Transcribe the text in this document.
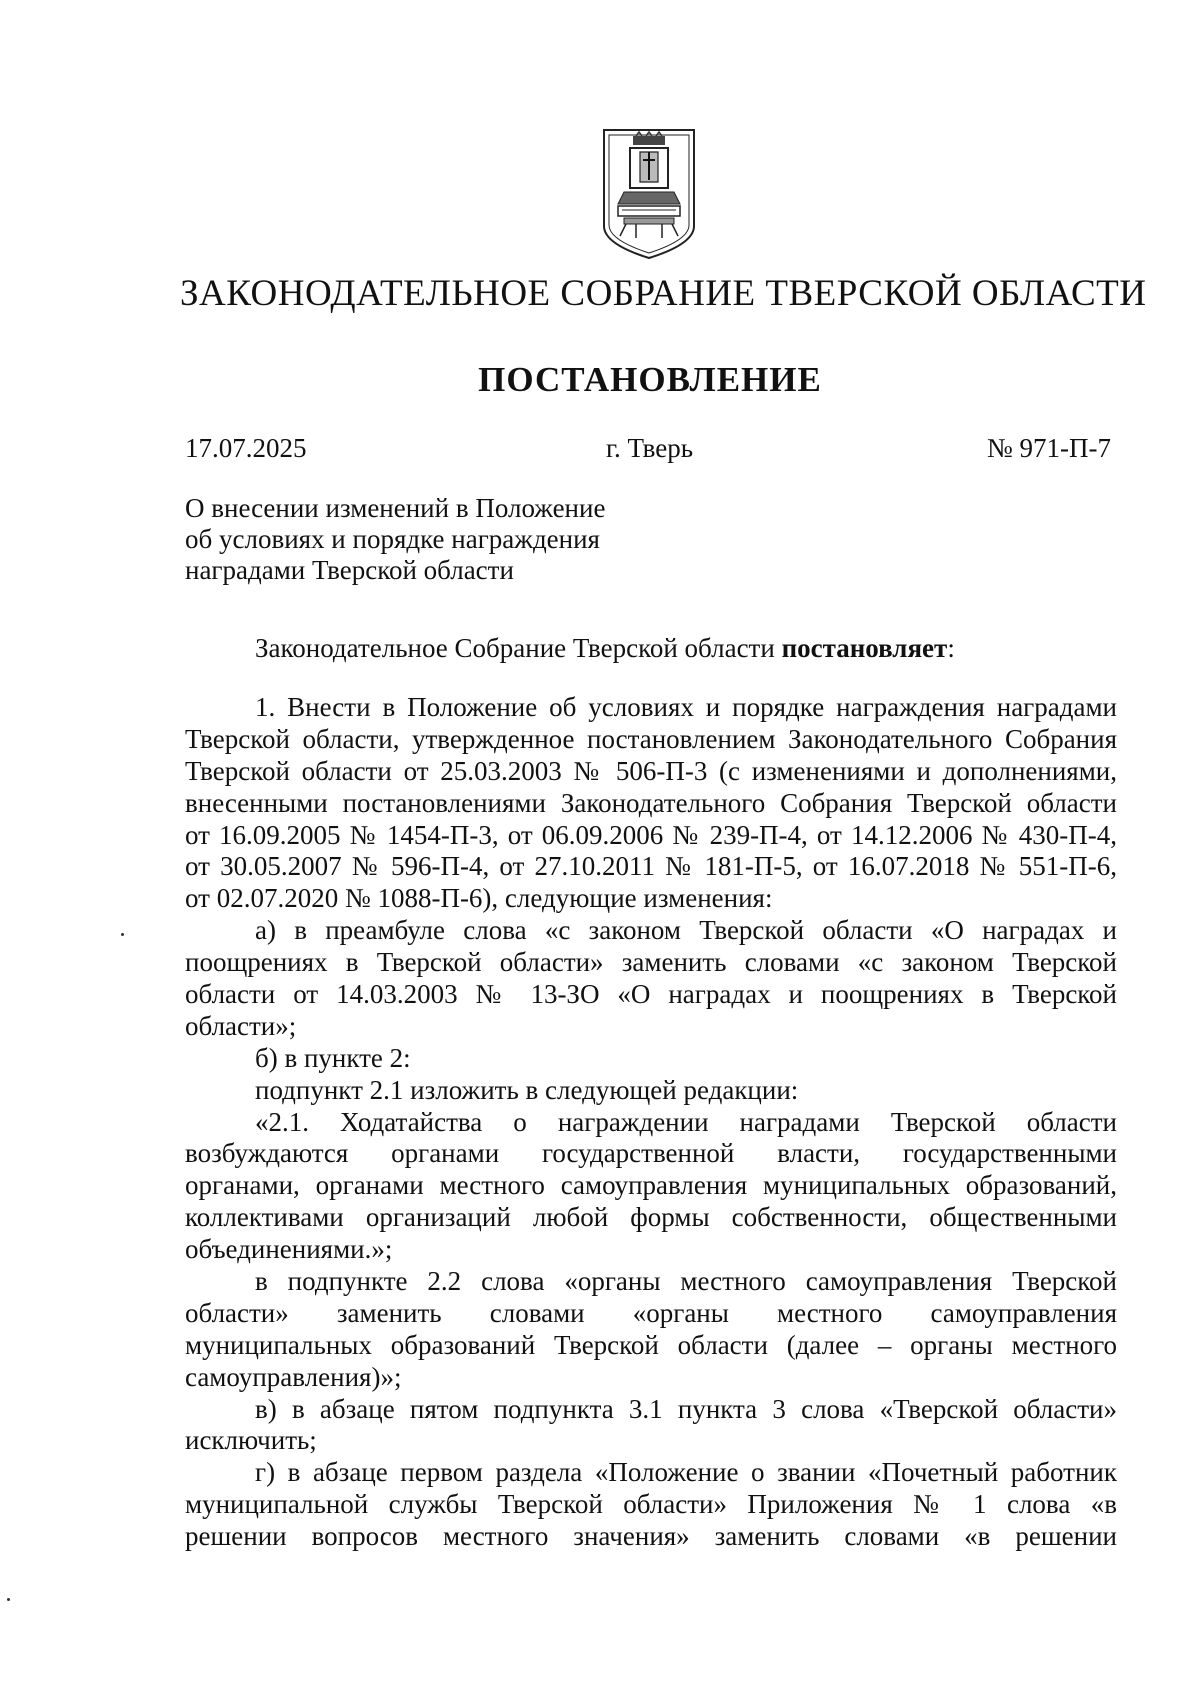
ЗАКОНОДАТЕЛЬНОЕ СОБРАНИЕ ТВЕРСКОЙ ОБЛАСТИ
ПОСТАНОВЛЕНИЕ
17.07.2025	г. Тверь	№ 971-П-7
О внесении изменений в Положение
об условиях и порядке награждения
наградами Тверской области
Законодательное Собрание Тверской области постановляет:
1. Внести в Положение об условиях и порядке награждения наградами
Тверской области, утвержденное постановлением Законодательного Собрания
Тверской области от 25.03.2003 № 506-П-3 (с изменениями и дополнениями,
внесенными постановлениями Законодательного Собрания Тверской области
от 16.09.2005 № 1454-П-3, от 06.09.2006 № 239-П-4, от 14.12.2006 № 430-П-4,
от 30.05.2007 № 596-П-4, от 27.10.2011 № 181-П-5, от 16.07.2018 № 551-П-6,
от 02.07.2020 № 1088-П-6), следующие изменения:
а) в преамбуле слова «с законом Тверской области «О наградах и
поощрениях в Тверской области» заменить словами «с законом Тверской
области от 14.03.2003 № 13-ЗО «О наградах и поощрениях в Тверской
области»;
б) в пункте 2:
подпункт 2.1 изложить в следующей редакции:
«2.1. Ходатайства о награждении наградами Тверской области
возбуждаются органами государственной власти, государственными
органами, органами местного самоуправления муниципальных образований,
коллективами организаций любой формы собственности, общественными
объединениями.»;
в подпункте 2.2 слова «органы местного самоуправления Тверской
области» заменить словами «органы местного самоуправления
муниципальных образований Тверской области (далее – органы местного
самоуправления)»;
в) в абзаце пятом подпункта 3.1 пункта 3 слова «Тверской области»
исключить;
г) в абзаце первом раздела «Положение о звании «Почетный работник
муниципальной службы Тверской области» Приложения № 1 слова «в
решении вопросов местного значения» заменить словами «в решении
